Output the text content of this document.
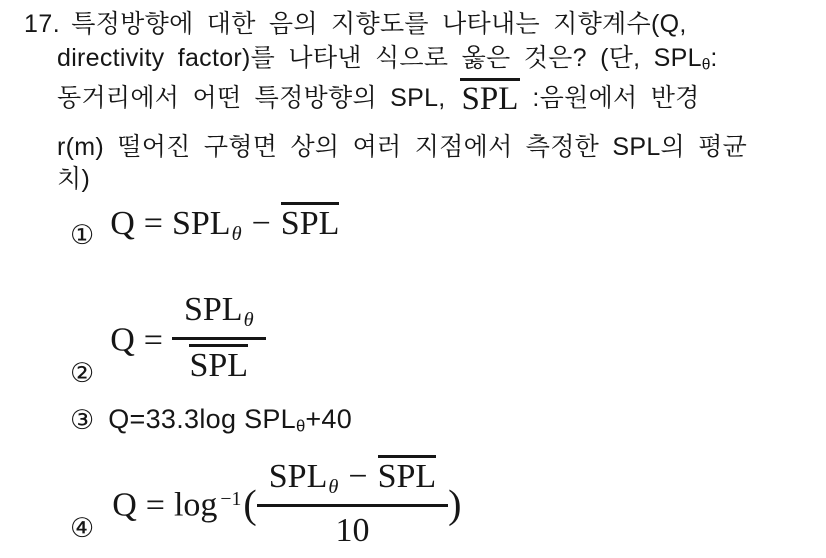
17. 특정방향에 대한 음의 지향도를 나타내는 지향계수(Q,
directivity factor)를 나타낸 식으로 옳은 것은? (단, SPLθ:
동거리에서 어떤 특정방향의 SPL, SPL :음원에서 반경
r(m) 떨어진 구형면 상의 여러 지점에서 측정한 SPL의 평균
치)
① Q = SPLθ − SPL
②
$Q = \frac{\text{SPLθ}}{\text{SPL}}$
③ Q=33.3log SPLθ+40
④
$Q = \log ^{-1}( \frac{\text{SPLθ − SPL}}{10}$ )
